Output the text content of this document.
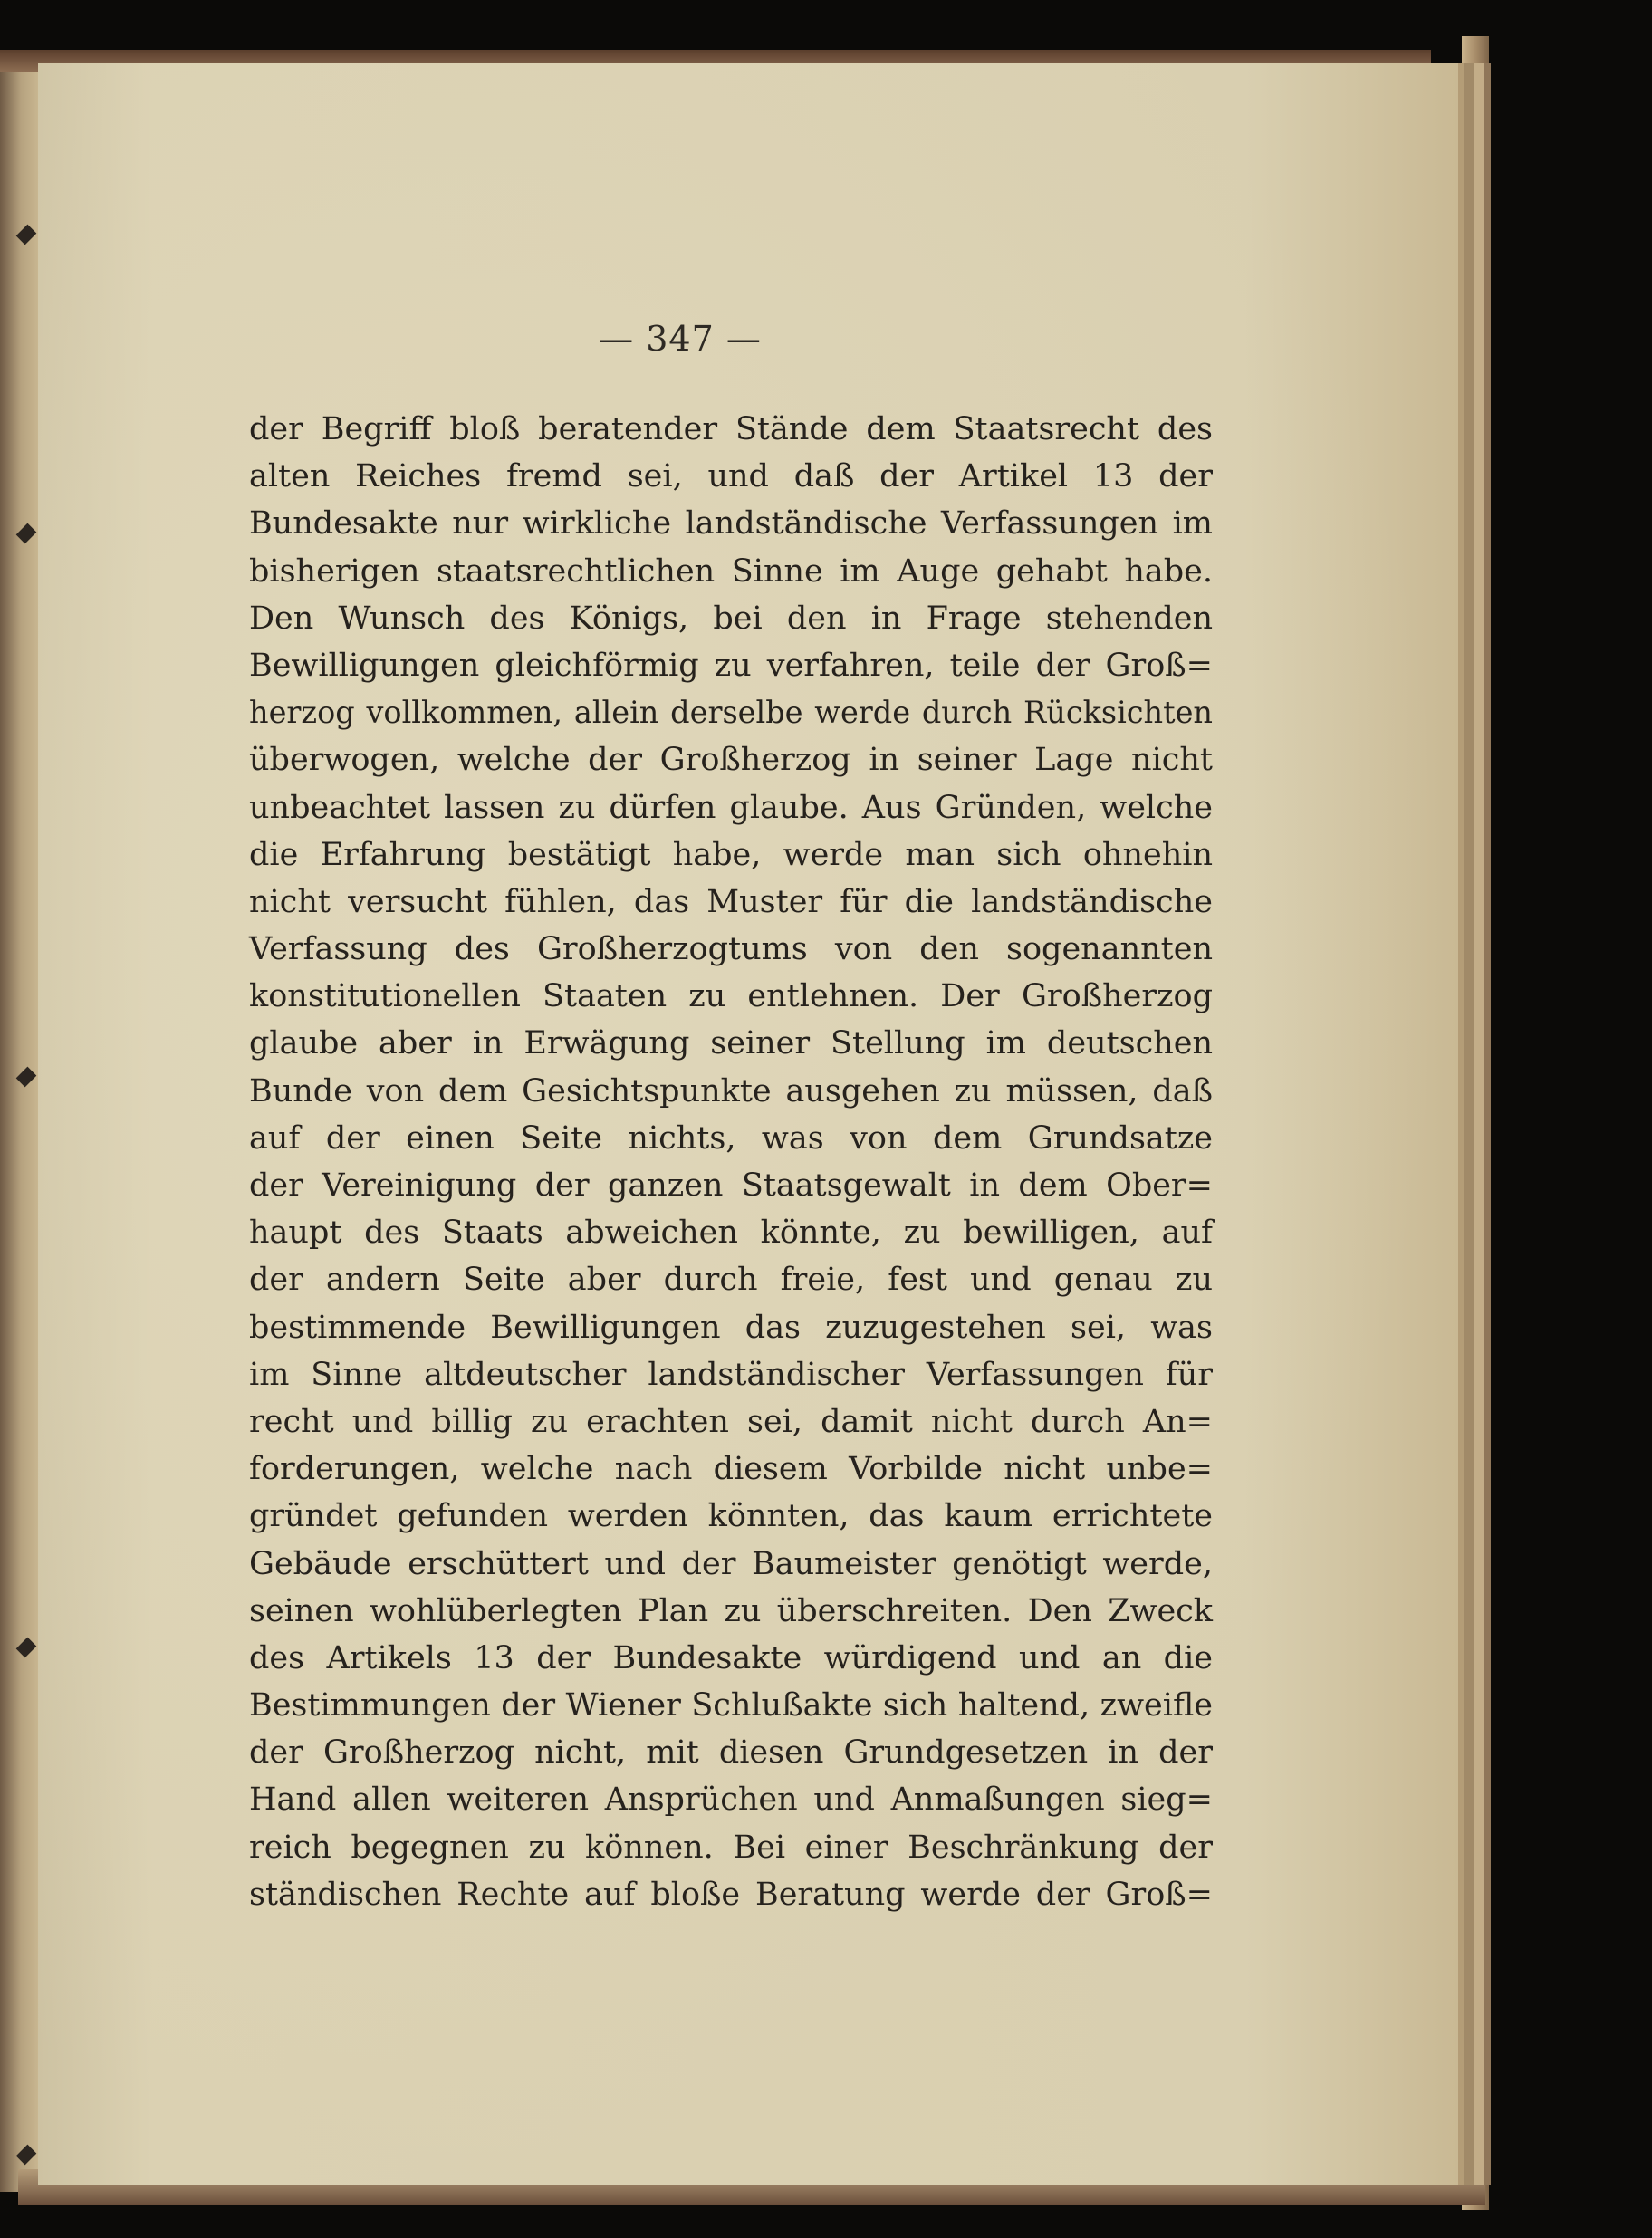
— 347 —
der Begriff bloß beratender Stände dem Staatsrecht des
alten Reiches fremd sei, und daß der Artikel 13 der
Bundesakte nur wirkliche landständische Verfassungen im
bisherigen staatsrechtlichen Sinne im Auge gehabt habe.
Den Wunsch des Königs, bei den in Frage stehenden
Bewilligungen gleichförmig zu verfahren, teile der Groß=
herzog vollkommen, allein derselbe werde durch Rücksichten
überwogen, welche der Großherzog in seiner Lage nicht
unbeachtet lassen zu dürfen glaube. Aus Gründen, welche
die Erfahrung bestätigt habe, werde man sich ohnehin
nicht versucht fühlen, das Muster für die landständische
Verfassung des Großherzogtums von den sogenannten
konstitutionellen Staaten zu entlehnen. Der Großherzog
glaube aber in Erwägung seiner Stellung im deutschen
Bunde von dem Gesichtspunkte ausgehen zu müssen, daß
auf der einen Seite nichts, was von dem Grundsatze
der Vereinigung der ganzen Staatsgewalt in dem Ober=
haupt des Staats abweichen könnte, zu bewilligen, auf
der andern Seite aber durch freie, fest und genau zu
bestimmende Bewilligungen das zuzugestehen sei, was
im Sinne altdeutscher landständischer Verfassungen für
recht und billig zu erachten sei, damit nicht durch An=
forderungen, welche nach diesem Vorbilde nicht unbe=
gründet gefunden werden könnten, das kaum errichtete
Gebäude erschüttert und der Baumeister genötigt werde,
seinen wohlüberlegten Plan zu überschreiten. Den Zweck
des Artikels 13 der Bundesakte würdigend und an die
Bestimmungen der Wiener Schlußakte sich haltend, zweifle
der Großherzog nicht, mit diesen Grundgesetzen in der
Hand allen weiteren Ansprüchen und Anmaßungen sieg=
reich begegnen zu können. Bei einer Beschränkung der
ständischen Rechte auf bloße Beratung werde der Groß=
